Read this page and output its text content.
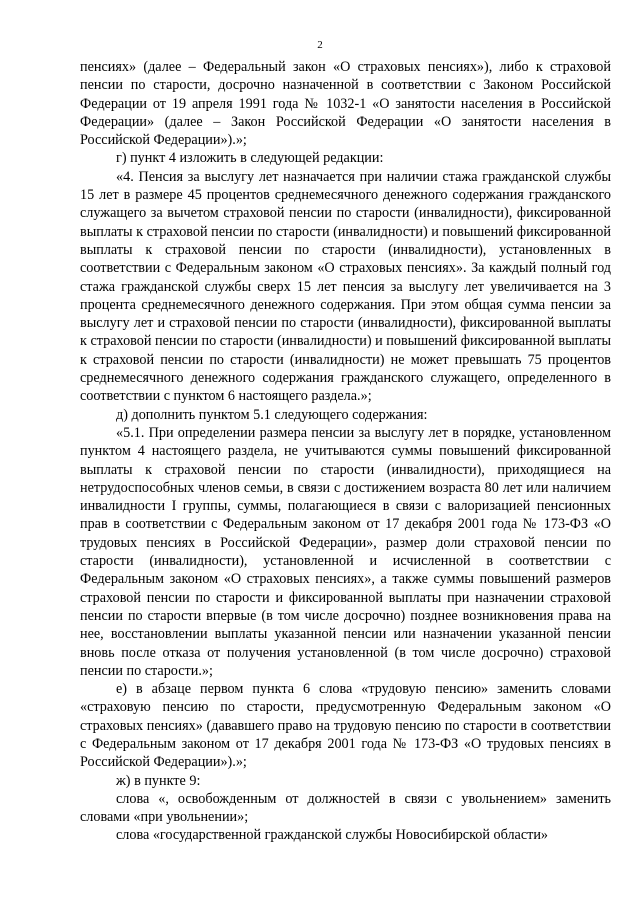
2

пенсиях» (далее – Федеральный закон «О страховых пенсиях»), либо к страховой пенсии по старости, досрочно назначенной в соответствии с Законом Российской Федерации от 19 апреля 1991 года № 1032-1 «О занятости населения в Российской Федерации» (далее – Закон Российской Федерации «О занятости населения в Российской Федерации»).»;

г) пункт 4 изложить в следующей редакции:

«4. Пенсия за выслугу лет назначается при наличии стажа гражданской службы 15 лет в размере 45 процентов среднемесячного денежного содержания гражданского служащего за вычетом страховой пенсии по старости (инвалидности), фиксированной выплаты к страховой пенсии по старости (инвалидности) и повышений фиксированной выплаты к страховой пенсии по старости (инвалидности), установленных в соответствии с Федеральным законом «О страховых пенсиях». За каждый полный год стажа гражданской службы сверх 15 лет пенсия за выслугу лет увеличивается на 3 процента среднемесячного денежного содержания. При этом общая сумма пенсии за выслугу лет и страховой пенсии по старости (инвалидности), фиксированной выплаты к страховой пенсии по старости (инвалидности) и повышений фиксированной выплаты к страховой пенсии по старости (инвалидности) не может превышать 75 процентов среднемесячного денежного содержания гражданского служащего, определенного в соответствии с пунктом 6 настоящего раздела.»;

д) дополнить пунктом 5.1 следующего содержания:

«5.1. При определении размера пенсии за выслугу лет в порядке, установленном пунктом 4 настоящего раздела, не учитываются суммы повышений фиксированной выплаты к страховой пенсии по старости (инвалидности), приходящиеся на нетрудоспособных членов семьи, в связи с достижением возраста 80 лет или наличием инвалидности I группы, суммы, полагающиеся в связи с валоризацией пенсионных прав в соответствии с Федеральным законом от 17 декабря 2001 года № 173-ФЗ «О трудовых пенсиях в Российской Федерации», размер доли страховой пенсии по старости (инвалидности), установленной и исчисленной в соответствии с Федеральным законом «О страховых пенсиях», а также суммы повышений размеров страховой пенсии по старости и фиксированной выплаты при назначении страховой пенсии по старости впервые (в том числе досрочно) позднее возникновения права на нее, восстановлении выплаты указанной пенсии или назначении указанной пенсии вновь после отказа от получения установленной (в том числе досрочно) страховой пенсии по старости.»;

е) в абзаце первом пункта 6 слова «трудовую пенсию» заменить словами «страховую пенсию по старости, предусмотренную Федеральным законом «О страховых пенсиях» (дававшего право на трудовую пенсию по старости в соответствии с Федеральным законом от 17 декабря 2001 года № 173-ФЗ «О трудовых пенсиях в Российской Федерации»).»;

ж) в пункте 9:

слова «, освобожденным от должностей в связи с увольнением» заменить словами «при увольнении»;

слова «государственной гражданской службы Новосибирской области»
